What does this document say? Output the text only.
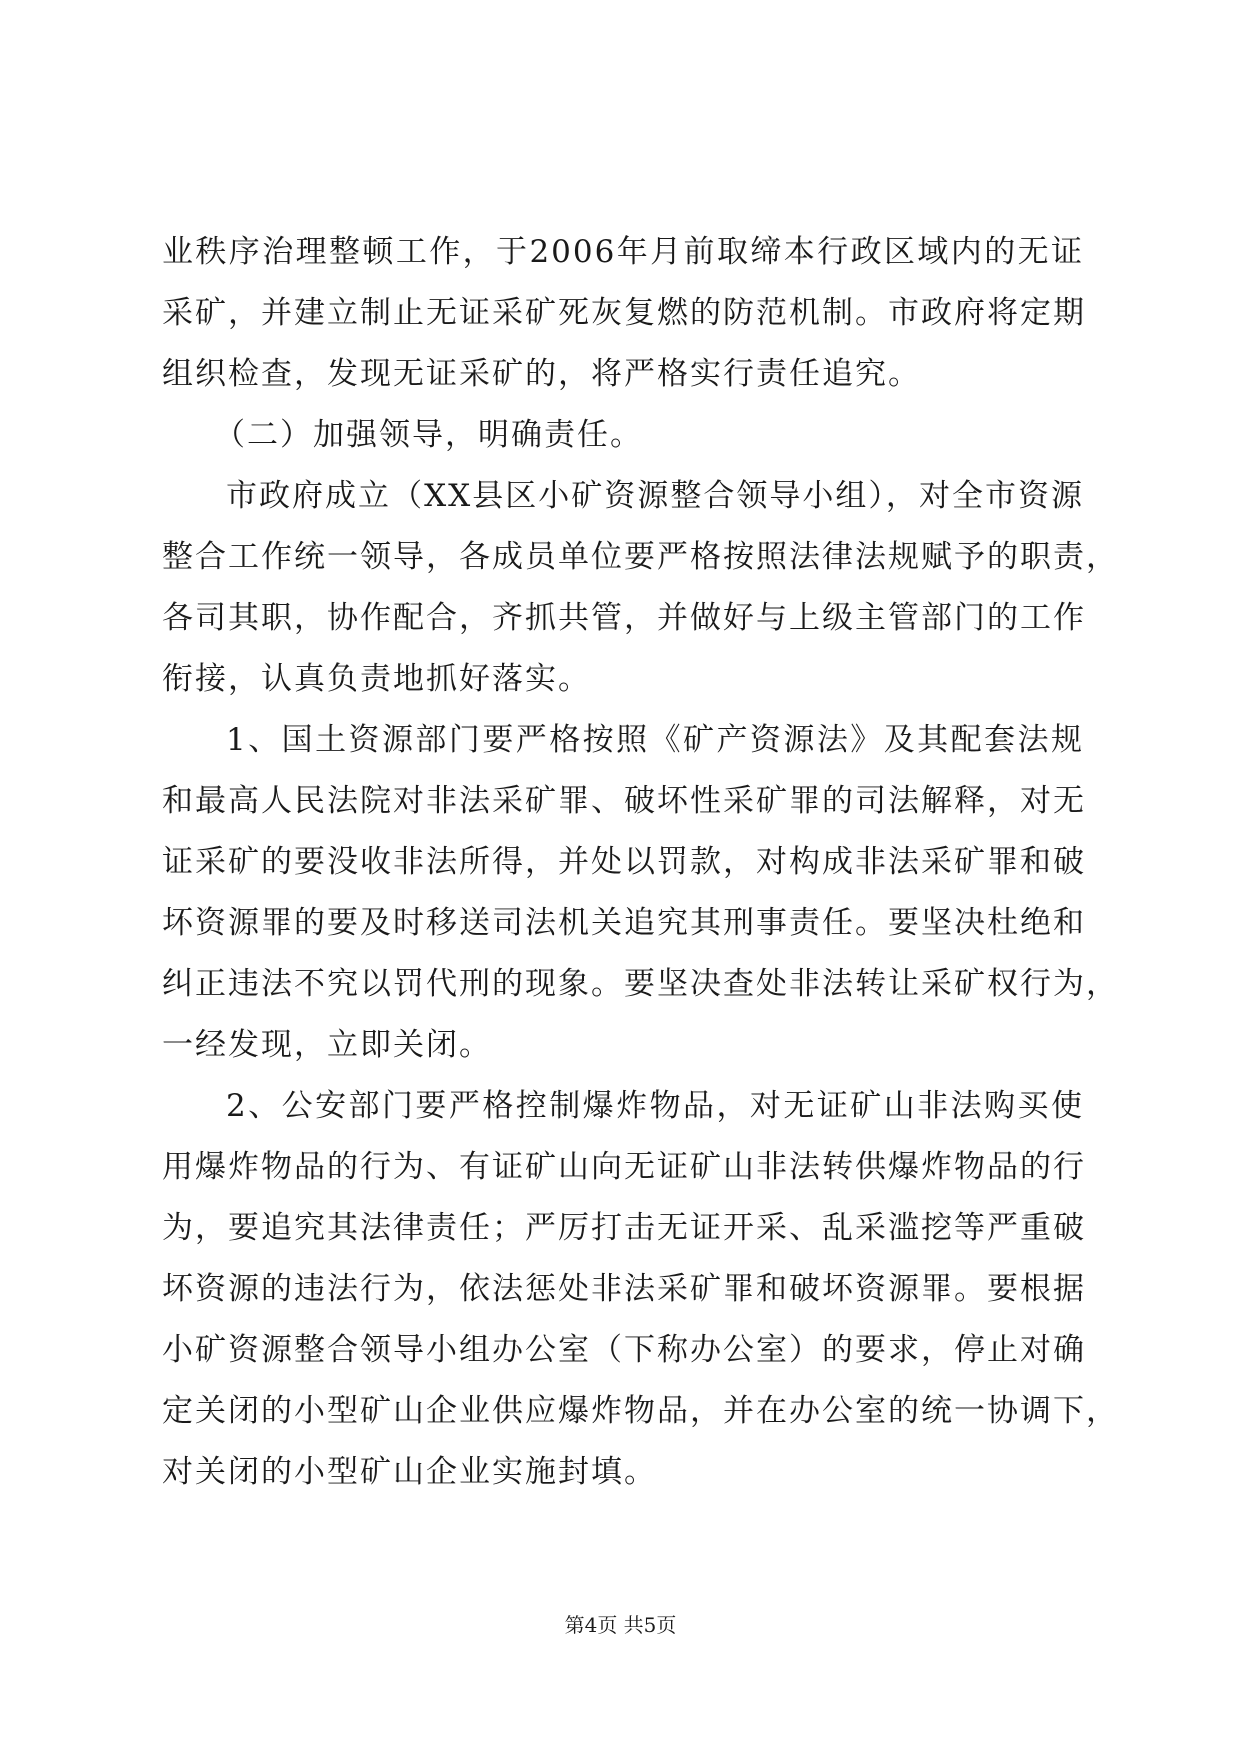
业秩序治理整顿工作，于2006年月前取缔本行政区域内的无证
采矿，并建立制止无证采矿死灰复燃的防范机制。市政府将定期
组织检查，发现无证采矿的，将严格实行责任追究。
（二）加强领导，明确责任。
市政府成立（XX县区小矿资源整合领导小组），对全市资源
整合工作统一领导，各成员单位要严格按照法律法规赋予的职责，
各司其职，协作配合，齐抓共管，并做好与上级主管部门的工作
衔接，认真负责地抓好落实。
1、国土资源部门要严格按照《矿产资源法》及其配套法规
和最高人民法院对非法采矿罪、破坏性采矿罪的司法解释，对无
证采矿的要没收非法所得，并处以罚款，对构成非法采矿罪和破
坏资源罪的要及时移送司法机关追究其刑事责任。要坚决杜绝和
纠正违法不究以罚代刑的现象。要坚决查处非法转让采矿权行为，
一经发现，立即关闭。
2、公安部门要严格控制爆炸物品，对无证矿山非法购买使
用爆炸物品的行为、有证矿山向无证矿山非法转供爆炸物品的行
为，要追究其法律责任；严厉打击无证开采、乱采滥挖等严重破
坏资源的违法行为，依法惩处非法采矿罪和破坏资源罪。要根据
小矿资源整合领导小组办公室（下称办公室）的要求，停止对确
定关闭的小型矿山企业供应爆炸物品，并在办公室的统一协调下，
对关闭的小型矿山企业实施封填。
第4页 共5页
